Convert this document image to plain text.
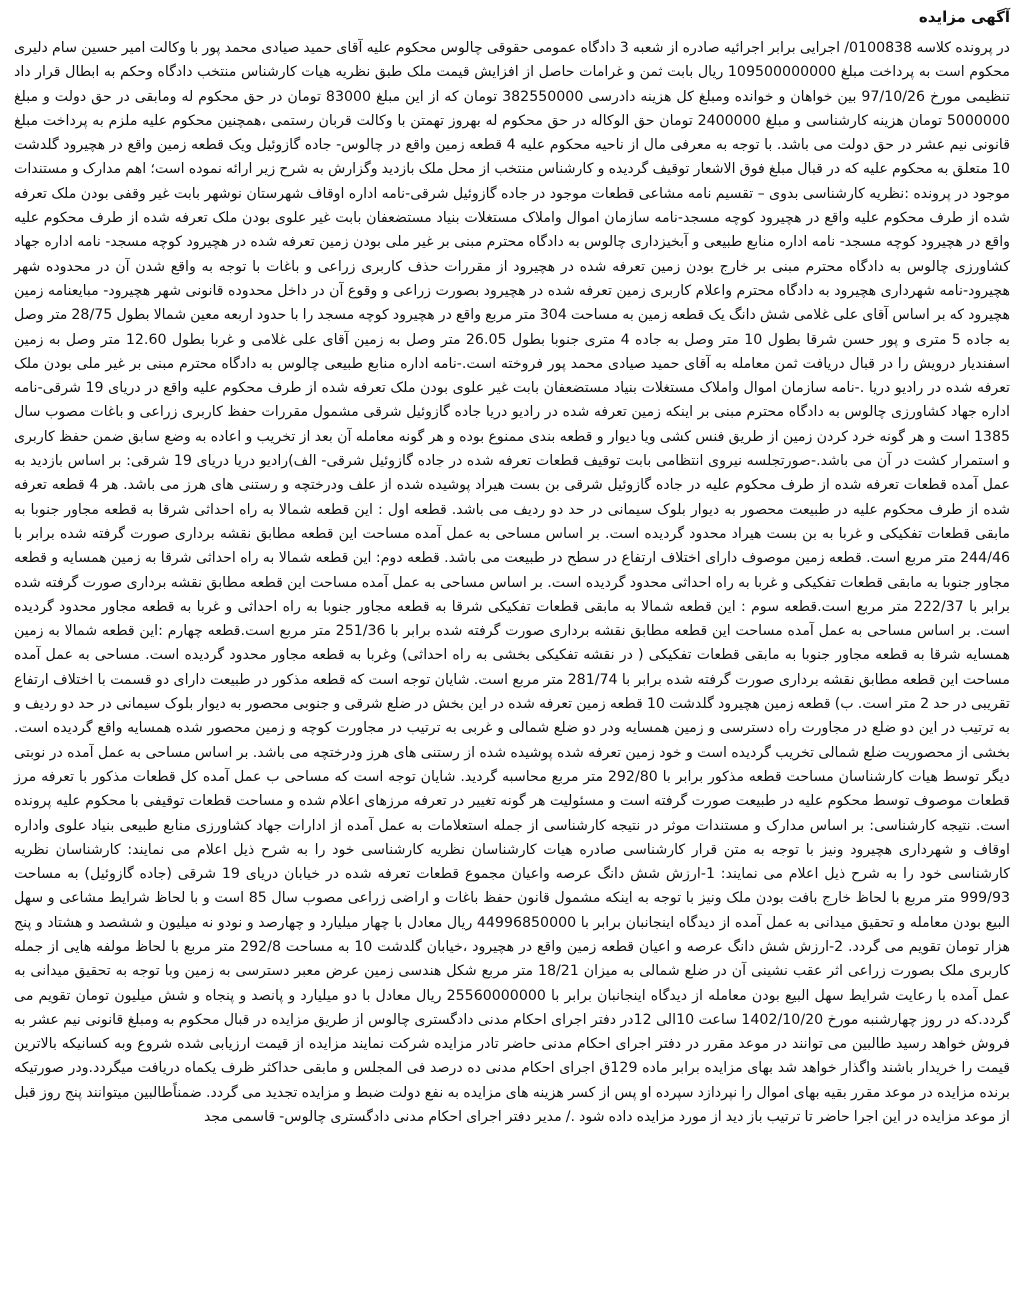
آگهی مزایده

در پرونده کلاسه 0100838/ اجرایی برابر اجرائیه صادره از شعبه 3 دادگاه عمومی حقوقی چالوس محکوم علیه آقای حمید صیادی محمد پور با وکالت امیر حسین سام دلیری محکوم است به پرداخت مبلغ 109500000000 ریال بابت ثمن و غرامات حاصل از افزایش قیمت ملک طبق نظریه هیات کارشناس منتخب دادگاه وحکم به ابطال قرار داد تنظیمی مورخ 97/10/26 بین خواهان و خوانده ومبلغ کل هزینه دادرسی 382550000 تومان که از این مبلغ 83000 تومان در حق محکوم له ومابقی در حق دولت و مبلغ 5000000 تومان هزینه کارشناسی و مبلغ 2400000 تومان حق الوکاله در حق محکوم له بهروز تهمتن با وکالت قربان رستمی ،همچنین محکوم علیه ملزم به پرداخت مبلغ قانونی نیم عشر در حق دولت می باشد. با توجه به معرفی مال از ناحیه محکوم علیه 4 قطعه زمین واقع در چالوس- جاده گازوئیل ویک قطعه زمین واقع در هچیرود گلدشت 10 متعلق به محکوم علیه که در قبال مبلغ فوق الاشعار توقیف گردیده و کارشناس منتخب از محل ملک بازدید وگزارش به شرح زیر ارائه نموده است؛ اهم مدارک و مستندات موجود در پرونده :نظریه کارشناسی بدوی – تقسیم نامه مشاعی قطعات موجود در جاده گازوئیل شرقی-نامه اداره اوقاف شهرستان نوشهر بابت غیر وقفی بودن ملک تعرفه شده از طرف محکوم علیه واقع در هچیرود کوچه مسجد-نامه سازمان اموال واملاک مستغلات بنیاد مستضعفان بابت غیر علوی بودن ملک تعرفه شده از طرف محکوم علیه واقع در هچیرود کوچه مسجد- نامه اداره منابع طبیعی و آبخیزداری چالوس به دادگاه محترم مبنی بر غیر ملی بودن زمین تعرفه شده در هچیرود کوچه مسجد- نامه اداره جهاد کشاورزی چالوس به دادگاه محترم مبنی بر خارج بودن زمین تعرفه شده در هچیرود از مقررات حذف کاربری زراعی و باغات با توجه به واقع شدن آن در محدوده شهر هچیرود-نامه شهرداری هچیرود به دادگاه محترم واعلام کاربری زمین تعرفه شده در هچیرود بصورت زراعی و وقوع آن در داخل محدوده قانونی شهر هچیرود- مبایعنامه زمین هچیرود که بر اساس آقای علی غلامی شش دانگ یک قطعه زمین به مساحت 304 متر مربع واقع در هچیرود کوچه مسجد را با حدود اربعه معین شمالا بطول 28/75 متر وصل به جاده 5 متری و پور حسن شرقا بطول 10 متر وصل به جاده 4 متری جنوبا بطول 26.05 متر وصل به زمین آقای علی غلامی و غربا بطول 12.60 متر وصل به زمین اسفندیار درویش را در قبال دریافت ثمن معامله به آقای حمید صیادی محمد پور فروخته است.-نامه اداره منابع طبیعی چالوس به دادگاه محترم مبنی بر غیر ملی بودن ملک تعرفه شده در رادیو دریا .-نامه سازمان اموال واملاک مستغلات بنیاد مستضعفان بابت غیر علوی بودن ملک تعرفه شده از طرف محکوم علیه واقع در دریای 19 شرقی-نامه اداره جهاد کشاورزی چالوس به دادگاه محترم مبنی بر اینکه زمین تعرفه شده در رادیو دریا جاده گازوئیل شرقی مشمول مقررات حفظ کاربری زراعی و باغات مصوب سال 1385 است و هر گونه خرد کردن زمین از طریق فنس کشی ویا دیوار و قطعه بندی ممنوع بوده و هر گونه معامله آن بعد از تخریب و اعاده به وضع سابق ضمن حفظ کاربری و استمرار کشت در آن می باشد.-صورتجلسه نیروی انتظامی بابت توقیف قطعات تعرفه شده در جاده گازوئیل شرقی- الف)رادیو دریا دریای 19 شرقی: بر اساس بازدید به عمل آمده قطعات تعرفه شده از طرف محکوم علیه در جاده گازوئیل شرقی بن بست هیراد پوشیده شده از علف ودرختچه و رستنی های هرز می باشد. هر 4 قطعه تعرفه شده از طرف محکوم علیه در طبیعت محصور به دیوار بلوک سیمانی در حد دو ردیف می باشد. قطعه اول : این قطعه شمالا به راه احداثی شرقا به قطعه مجاور جنوبا به مابقی قطعات تفکیکی و غربا به بن بست هیراد محدود گردیده است. بر اساس مساحی به عمل آمده مساحت این قطعه مطابق نقشه برداری صورت گرفته شده برابر با 244/46 متر مربع است. قطعه زمین موصوف دارای اختلاف ارتفاع در سطح در طبیعت می باشد. قطعه دوم: این قطعه شمالا به راه احداثی شرقا به زمین همسایه و قطعه مجاور جنوبا به مابقی قطعات تفکیکی و غربا به راه احداثی محدود گردیده است. بر اساس مساحی به عمل آمده مساحت این قطعه مطابق نقشه برداری صورت گرفته شده برابر با 222/37 متر مربع است.قطعه سوم : این قطعه شمالا به مابقی قطعات تفکیکی شرقا به قطعه مجاور جنوبا به راه احداثی و غربا به قطعه مجاور محدود گردیده است. بر اساس مساحی به عمل آمده مساحت این قطعه مطابق نقشه برداری صورت گرفته شده برابر با 251/36 متر مربع است.قطعه چهارم :این قطعه شمالا به زمین همسایه شرقا به قطعه مجاور جنوبا به مابقی قطعات تفکیکی ( در نقشه تفکیکی بخشی به راه احداثی) وغربا به قطعه مجاور محدود گردیده است. مساحی به عمل آمده مساحت این قطعه مطابق نقشه برداری صورت گرفته شده برابر با 281/74 متر مربع است. شایان توجه است که قطعه مذکور در طبیعت دارای دو قسمت با اختلاف ارتفاع تقریبی در حد 2 متر است. ب) قطعه زمین هچیرود گلدشت 10 قطعه زمین تعرفه شده در این بخش در ضلع شرقی و جنوبی محصور به دیوار بلوک سیمانی در حد دو ردیف و به ترتیب در این دو ضلع در مجاورت راه دسترسی و زمین همسایه ودر دو ضلع شمالی و غربی به ترتیب در مجاورت کوچه و زمین محصور شده همسایه واقع گردیده است. بخشی از محصوریت ضلع شمالی تخریب گردیده است و خود زمین تعرفه شده پوشیده شده از رستنی های هرز ودرختچه می باشد. بر اساس مساحی به عمل آمده در نوبتی دیگر توسط هیات کارشناسان مساحت قطعه مذکور برابر با 292/80 متر مربع محاسبه گردید. شایان توجه است که مساحی ب عمل آمده کل قطعات مذکور با تعرفه مرز قطعات موصوف توسط محکوم علیه در طبیعت صورت گرفته است و مسئولیت هر گونه تغییر در تعرفه مرزهای اعلام شده و مساحت قطعات توقیفی با محکوم علیه پرونده است. نتیجه کارشناسی: بر اساس مدارک و مستندات موثر در نتیجه کارشناسی از جمله استعلامات به عمل آمده از ادارات جهاد کشاورزی منابع طبیعی بنیاد علوی واداره اوقاف و شهرداری هچیرود ونیز با توجه به متن قرار کارشناسی صادره هیات کارشناسان نظریه کارشناسی خود را به شرح ذیل اعلام می نمایند: کارشناسان نظریه کارشناسی خود را به شرح ذیل اعلام می نمایند: 1-ارزش شش دانگ عرصه واعیان مجموع قطعات تعرفه شده در خیابان دریای 19 شرقی (جاده گازوئیل) به مساحت 999/93 متر مربع با لحاظ خارج بافت بودن ملک ونیز با توجه به اینکه مشمول قانون حفظ باغات و اراضی زراعی مصوب سال 85 است و با لحاظ شرایط مشاعی و سهل البیع بودن معامله و تحقیق میدانی به عمل آمده از دیدگاه اینجانبان برابر با 44996850000 ریال معادل با چهار میلیارد و چهارصد و نودو نه میلیون و ششصد و هشتاد و پنج هزار تومان تقویم می گردد. 2-ارزش شش دانگ عرصه و اعیان قطعه زمین واقع در هچیرود ،خیابان گلدشت 10 به مساحت 292/8 متر مربع با لحاظ مولفه هایی از جمله کاربری ملک بصورت زراعی اثر عقب نشینی آن در ضلع شمالی به میزان 18/21 متر مربع شکل هندسی زمین عرض معبر دسترسی به زمین وبا توجه به تحقیق میدانی به عمل آمده با رعایت شرایط سهل البیع بودن معامله از دیدگاه اینجانبان برابر با 25560000000 ریال معادل با دو میلیارد و پانصد و پنجاه و شش میلیون تومان تقویم می گردد.که در روز چهارشنبه مورخ 1402/10/20 ساعت 10الی 12در دفتر اجرای احکام مدنی دادگستری چالوس از طریق مزایده در قبال محکوم به ومبلغ قانونی نیم عشر به فروش خواهد رسید طالبین می توانند در موعد مقرر در دفتر اجرای احکام مدنی حاضر تادر مزایده شرکت نمایند مزایده از قیمت ارزیابی شده شروع وبه کسانیکه بالاترین قیمت را خریدار باشند واگذار خواهد شد بهای مزایده برابر ماده 129ق اجرای احکام مدنی ده درصد فی المجلس و مابقی حداکثر ظرف یکماه دریافت میگردد.ودر صورتیکه برنده مزایده در موعد مقرر بقیه بهای اموال را نپردازد سپرده او پس از کسر هزینه های مزایده به نفع دولت ضبط و مزایده تجدید می گردد. ضمناًطالبین میتوانند پنج روز قبل از موعد مزایده در این اجرا حاضر تا ترتیب باز دید از مورد مزایده داده شود ./ مدیر دفتر اجرای احکام مدنی دادگستری چالوس- قاسمی مجد
